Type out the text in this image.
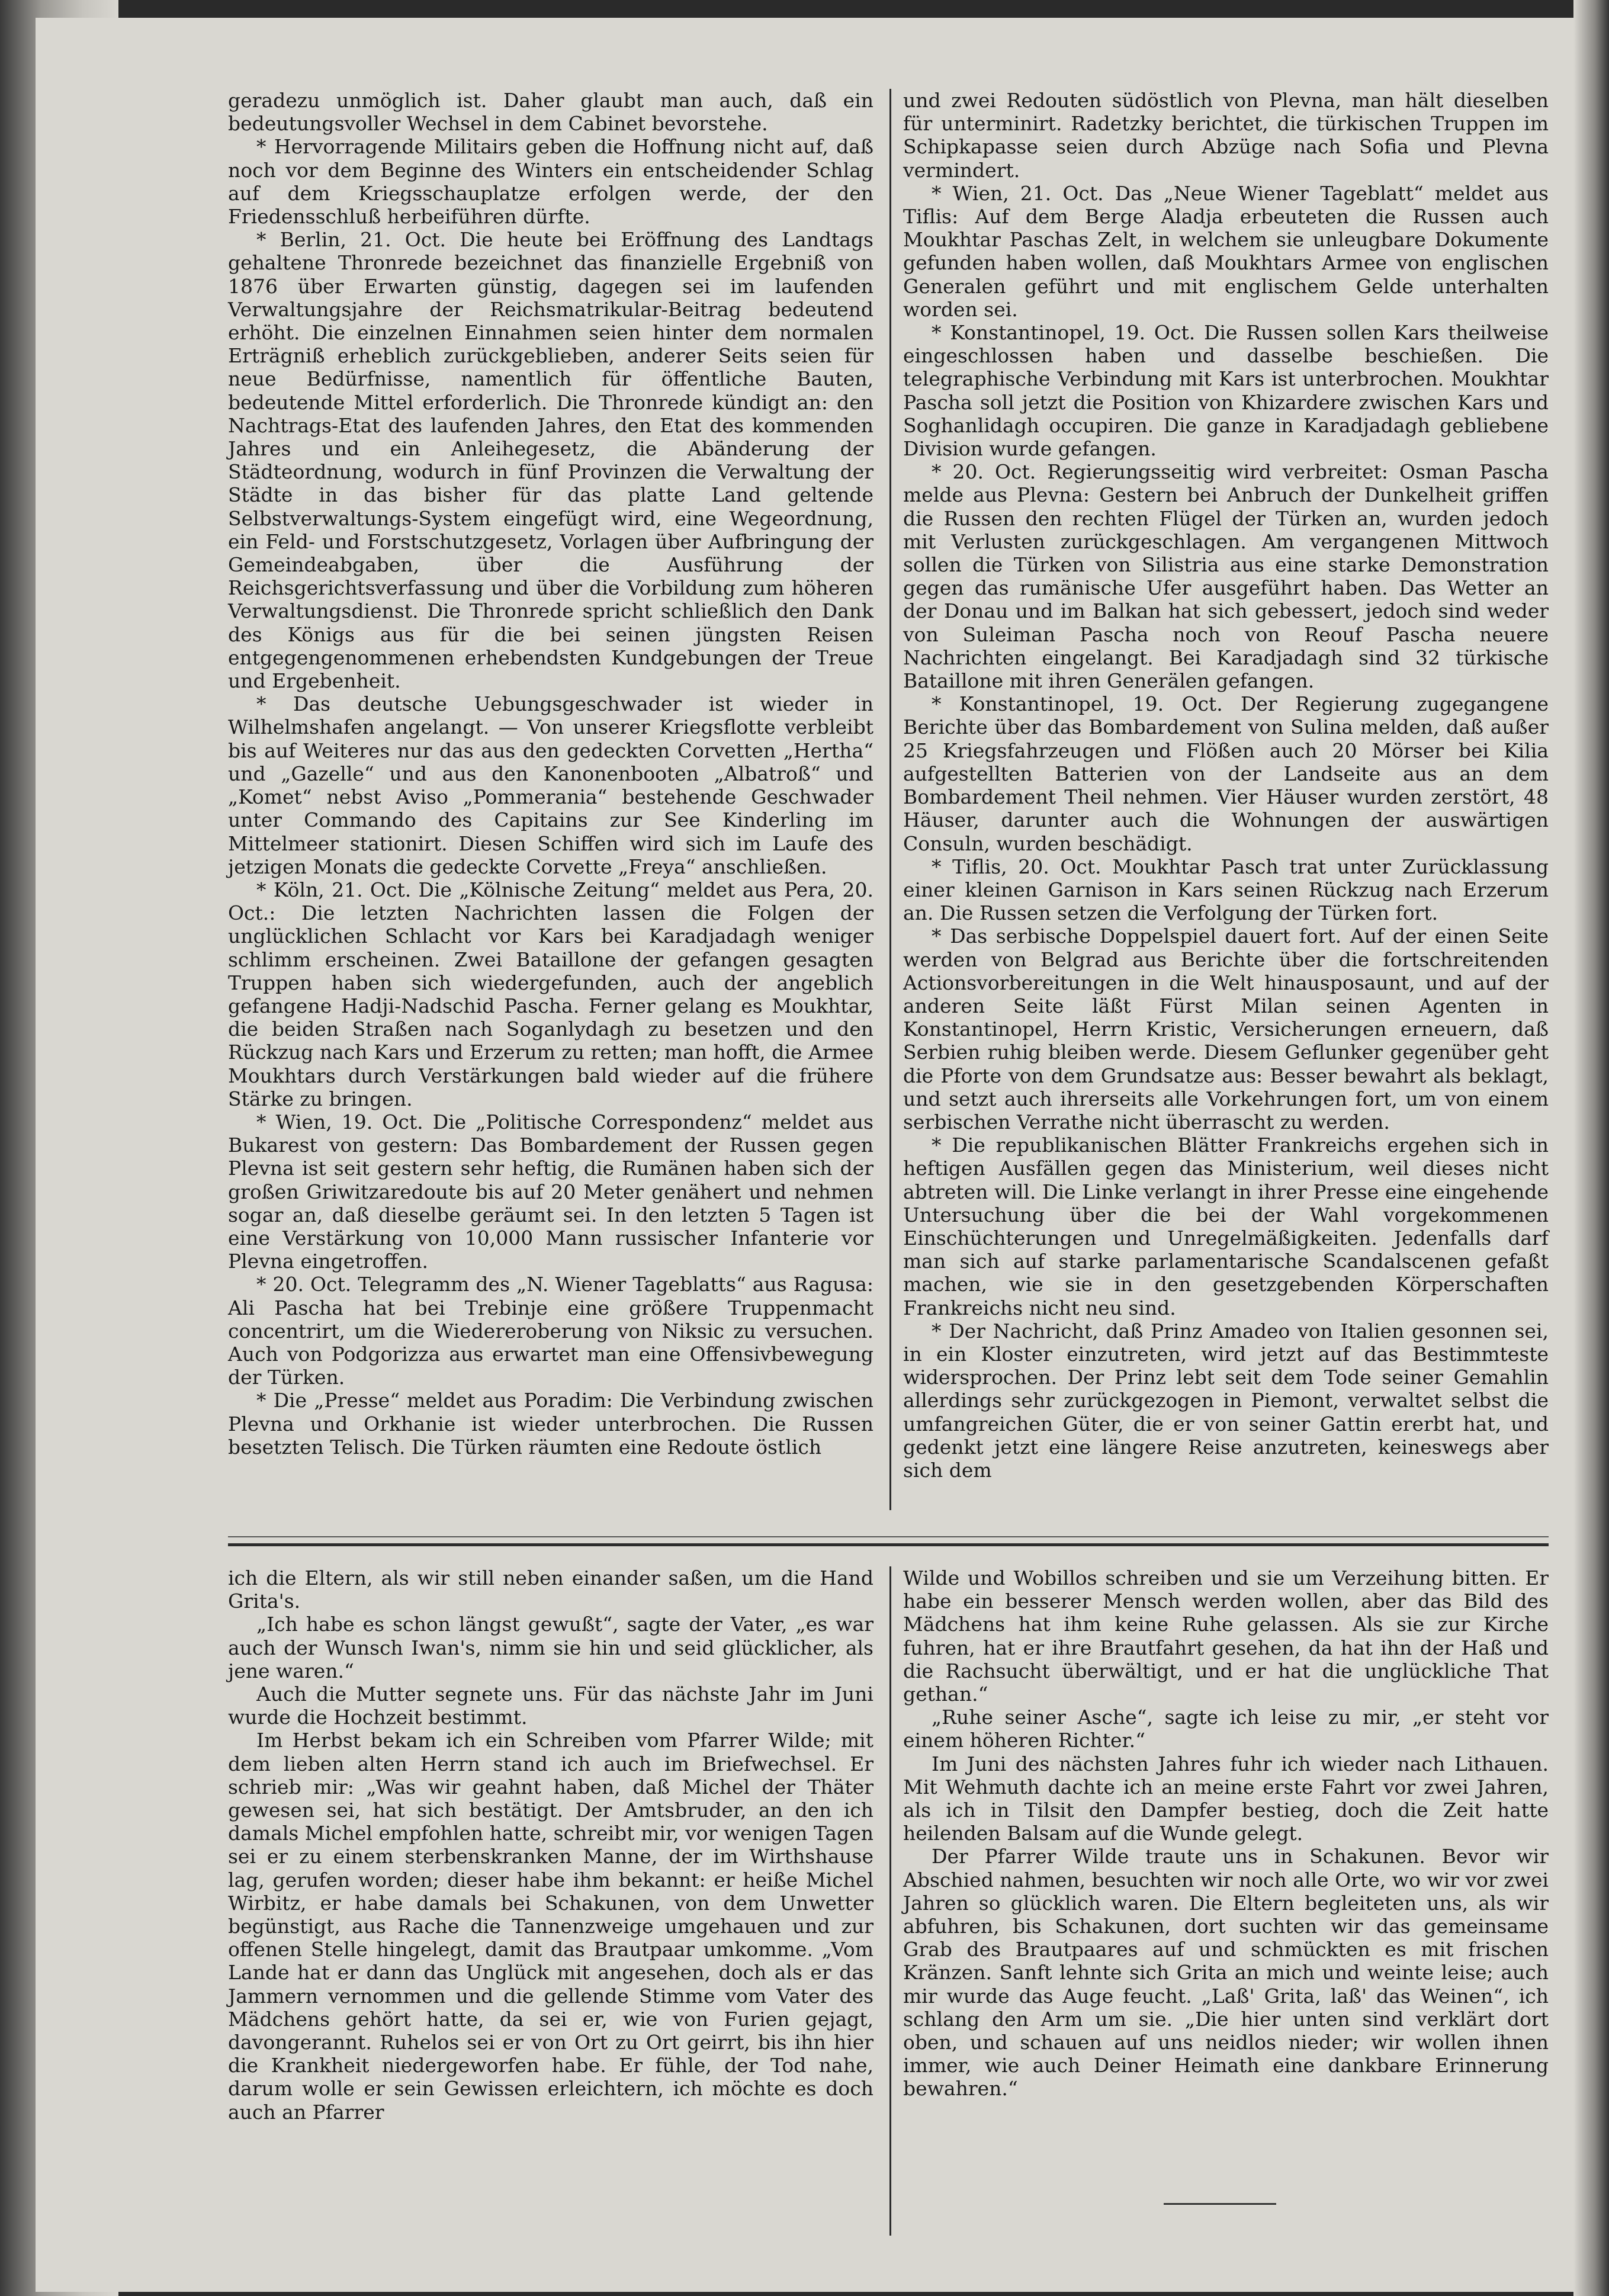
geradezu unmöglich ist. Daher glaubt man auch, daß ein bedeutungsvoller Wechsel in dem Cabinet bevorstehe.

* Hervorragende Militairs geben die Hoffnung nicht auf, daß noch vor dem Beginne des Winters ein entscheidender Schlag auf dem Kriegsschauplatze erfolgen werde, der den Friedensschluß herbeiführen dürfte.

* Berlin, 21. Oct. Die heute bei Eröffnung des Landtags gehaltene Thronrede bezeichnet das finanzielle Ergebniß von 1876 über Erwarten günstig, dagegen sei im laufenden Verwaltungsjahre der Reichsmatrikular-Beitrag bedeutend erhöht. Die einzelnen Einnahmen seien hinter dem normalen Erträgniß erheblich zurückgeblieben, anderer Seits seien für neue Bedürfnisse, namentlich für öffentliche Bauten, bedeutende Mittel erforderlich. Die Thronrede kündigt an: den Nachtrags-Etat des laufenden Jahres, den Etat des kommenden Jahres und ein Anleihegesetz, die Abänderung der Städteordnung, wodurch in fünf Provinzen die Verwaltung der Städte in das bisher für das platte Land geltende Selbstverwaltungs-System eingefügt wird, eine Wegeordnung, ein Feld- und Forstschutzgesetz, Vorlagen über Aufbringung der Gemeindeabgaben, über die Ausführung der Reichsgerichtsverfassung und über die Vorbildung zum höheren Verwaltungsdienst. Die Thronrede spricht schließlich den Dank des Königs aus für die bei seinen jüngsten Reisen entgegengenommenen erhebendsten Kundgebungen der Treue und Ergebenheit.

* Das deutsche Uebungsgeschwader ist wieder in Wilhelmshafen angelangt. — Von unserer Kriegsflotte verbleibt bis auf Weiteres nur das aus den gedeckten Corvetten „Hertha“ und „Gazelle“ und aus den Kanonenbooten „Albatroß“ und „Komet“ nebst Aviso „Pommerania“ bestehende Geschwader unter Commando des Capitains zur See Kinderling im Mittelmeer stationirt. Diesen Schiffen wird sich im Laufe des jetzigen Monats die gedeckte Corvette „Freya“ anschließen.

* Köln, 21. Oct. Die „Kölnische Zeitung“ meldet aus Pera, 20. Oct.: Die letzten Nachrichten lassen die Folgen der unglücklichen Schlacht vor Kars bei Karadjadagh weniger schlimm erscheinen. Zwei Bataillone der gefangen gesagten Truppen haben sich wiedergefunden, auch der angeblich gefangene Hadji-Nadschid Pascha. Ferner gelang es Moukhtar, die beiden Straßen nach Soganlydagh zu besetzen und den Rückzug nach Kars und Erzerum zu retten; man hofft, die Armee Moukhtars durch Verstärkungen bald wieder auf die frühere Stärke zu bringen.

* Wien, 19. Oct. Die „Politische Correspondenz“ meldet aus Bukarest von gestern: Das Bombardement der Russen gegen Plevna ist seit gestern sehr heftig, die Rumänen haben sich der großen Griwitzaredoute bis auf 20 Meter genähert und nehmen sogar an, daß dieselbe geräumt sei. In den letzten 5 Tagen ist eine Verstärkung von 10,000 Mann russischer Infanterie vor Plevna eingetroffen.

* 20. Oct. Telegramm des „N. Wiener Tageblatts“ aus Ragusa: Ali Pascha hat bei Trebinje eine größere Truppenmacht concentrirt, um die Wiedereroberung von Niksic zu versuchen. Auch von Podgorizza aus erwartet man eine Offensivbewegung der Türken.

* Die „Presse“ meldet aus Poradim: Die Verbindung zwischen Plevna und Orkhanie ist wieder unterbrochen. Die Russen besetzten Telisch. Die Türken räumten eine Redoute östlich

und zwei Redouten südöstlich von Plevna, man hält dieselben für unterminirt. Radetzky berichtet, die türkischen Truppen im Schipkapasse seien durch Abzüge nach Sofia und Plevna vermindert.

* Wien, 21. Oct. Das „Neue Wiener Tageblatt“ meldet aus Tiflis: Auf dem Berge Aladja erbeuteten die Russen auch Moukhtar Paschas Zelt, in welchem sie unleugbare Dokumente gefunden haben wollen, daß Moukhtars Armee von englischen Generalen geführt und mit englischem Gelde unterhalten worden sei.

* Konstantinopel, 19. Oct. Die Russen sollen Kars theilweise eingeschlossen haben und dasselbe beschießen. Die telegraphische Verbindung mit Kars ist unterbrochen. Moukhtar Pascha soll jetzt die Position von Khizardere zwischen Kars und Soghanlidagh occupiren. Die ganze in Karadjadagh gebliebene Division wurde gefangen.

* 20. Oct. Regierungsseitig wird verbreitet: Osman Pascha melde aus Plevna: Gestern bei Anbruch der Dunkelheit griffen die Russen den rechten Flügel der Türken an, wurden jedoch mit Verlusten zurückgeschlagen. Am vergangenen Mittwoch sollen die Türken von Silistria aus eine starke Demonstration gegen das rumänische Ufer ausgeführt haben. Das Wetter an der Donau und im Balkan hat sich gebessert, jedoch sind weder von Suleiman Pascha noch von Reouf Pascha neuere Nachrichten eingelangt. Bei Karadjadagh sind 32 türkische Bataillone mit ihren Generälen gefangen.

* Konstantinopel, 19. Oct. Der Regierung zugegangene Berichte über das Bombardement von Sulina melden, daß außer 25 Kriegsfahrzeugen und Flößen auch 20 Mörser bei Kilia aufgestellten Batterien von der Landseite aus an dem Bombardement Theil nehmen. Vier Häuser wurden zerstört, 48 Häuser, darunter auch die Wohnungen der auswärtigen Consuln, wurden beschädigt.

* Tiflis, 20. Oct. Moukhtar Pasch trat unter Zurücklassung einer kleinen Garnison in Kars seinen Rückzug nach Erzerum an. Die Russen setzen die Verfolgung der Türken fort.

* Das serbische Doppelspiel dauert fort. Auf der einen Seite werden von Belgrad aus Berichte über die fortschreitenden Actionsvorbereitungen in die Welt hinausposaunt, und auf der anderen Seite läßt Fürst Milan seinen Agenten in Konstantinopel, Herrn Kristic, Versicherungen erneuern, daß Serbien ruhig bleiben werde. Diesem Geflunker gegenüber geht die Pforte von dem Grundsatze aus: Besser bewahrt als beklagt, und setzt auch ihrerseits alle Vorkehrungen fort, um von einem serbischen Verrathe nicht überrascht zu werden.

* Die republikanischen Blätter Frankreichs ergehen sich in heftigen Ausfällen gegen das Ministerium, weil dieses nicht abtreten will. Die Linke verlangt in ihrer Presse eine eingehende Untersuchung über die bei der Wahl vorgekommenen Einschüchterungen und Unregelmäßigkeiten. Jedenfalls darf man sich auf starke parlamentarische Scandalscenen gefaßt machen, wie sie in den gesetzgebenden Körperschaften Frankreichs nicht neu sind.

* Der Nachricht, daß Prinz Amadeo von Italien gesonnen sei, in ein Kloster einzutreten, wird jetzt auf das Bestimmteste widersprochen. Der Prinz lebt seit dem Tode seiner Gemahlin allerdings sehr zurückgezogen in Piemont, verwaltet selbst die umfangreichen Güter, die er von seiner Gattin ererbt hat, und gedenkt jetzt eine längere Reise anzutreten, keineswegs aber sich dem

ich die Eltern, als wir still neben einander saßen, um die Hand Grita's.

„Ich habe es schon längst gewußt“, sagte der Vater, „es war auch der Wunsch Iwan's, nimm sie hin und seid glücklicher, als jene waren.“

Auch die Mutter segnete uns. Für das nächste Jahr im Juni wurde die Hochzeit bestimmt.

Im Herbst bekam ich ein Schreiben vom Pfarrer Wilde; mit dem lieben alten Herrn stand ich auch im Briefwechsel. Er schrieb mir: „Was wir geahnt haben, daß Michel der Thäter gewesen sei, hat sich bestätigt. Der Amtsbruder, an den ich damals Michel empfohlen hatte, schreibt mir, vor wenigen Tagen sei er zu einem sterbenskranken Manne, der im Wirthshause lag, gerufen worden; dieser habe ihm bekannt: er heiße Michel Wirbitz, er habe damals bei Schakunen, von dem Unwetter begünstigt, aus Rache die Tannenzweige umgehauen und zur offenen Stelle hingelegt, damit das Brautpaar umkomme. „Vom Lande hat er dann das Unglück mit angesehen, doch als er das Jammern vernommen und die gellende Stimme vom Vater des Mädchens gehört hatte, da sei er, wie von Furien gejagt, davongerannt. Ruhelos sei er von Ort zu Ort geirrt, bis ihn hier die Krankheit niedergeworfen habe. Er fühle, der Tod nahe, darum wolle er sein Gewissen erleichtern, ich möchte es doch auch an Pfarrer

Wilde und Wobillos schreiben und sie um Verzeihung bitten. Er habe ein besserer Mensch werden wollen, aber das Bild des Mädchens hat ihm keine Ruhe gelassen. Als sie zur Kirche fuhren, hat er ihre Brautfahrt gesehen, da hat ihn der Haß und die Rachsucht überwältigt, und er hat die unglückliche That gethan.“

„Ruhe seiner Asche“, sagte ich leise zu mir, „er steht vor einem höheren Richter.“

Im Juni des nächsten Jahres fuhr ich wieder nach Lithauen. Mit Wehmuth dachte ich an meine erste Fahrt vor zwei Jahren, als ich in Tilsit den Dampfer bestieg, doch die Zeit hatte heilenden Balsam auf die Wunde gelegt.

Der Pfarrer Wilde traute uns in Schakunen. Bevor wir Abschied nahmen, besuchten wir noch alle Orte, wo wir vor zwei Jahren so glücklich waren. Die Eltern begleiteten uns, als wir abfuhren, bis Schakunen, dort suchten wir das gemeinsame Grab des Brautpaares auf und schmückten es mit frischen Kränzen. Sanft lehnte sich Grita an mich und weinte leise; auch mir wurde das Auge feucht. „Laß' Grita, laß' das Weinen“, ich schlang den Arm um sie. „Die hier unten sind verklärt dort oben, und schauen auf uns neidlos nieder; wir wollen ihnen immer, wie auch Deiner Heimath eine dankbare Erinnerung bewahren.“
